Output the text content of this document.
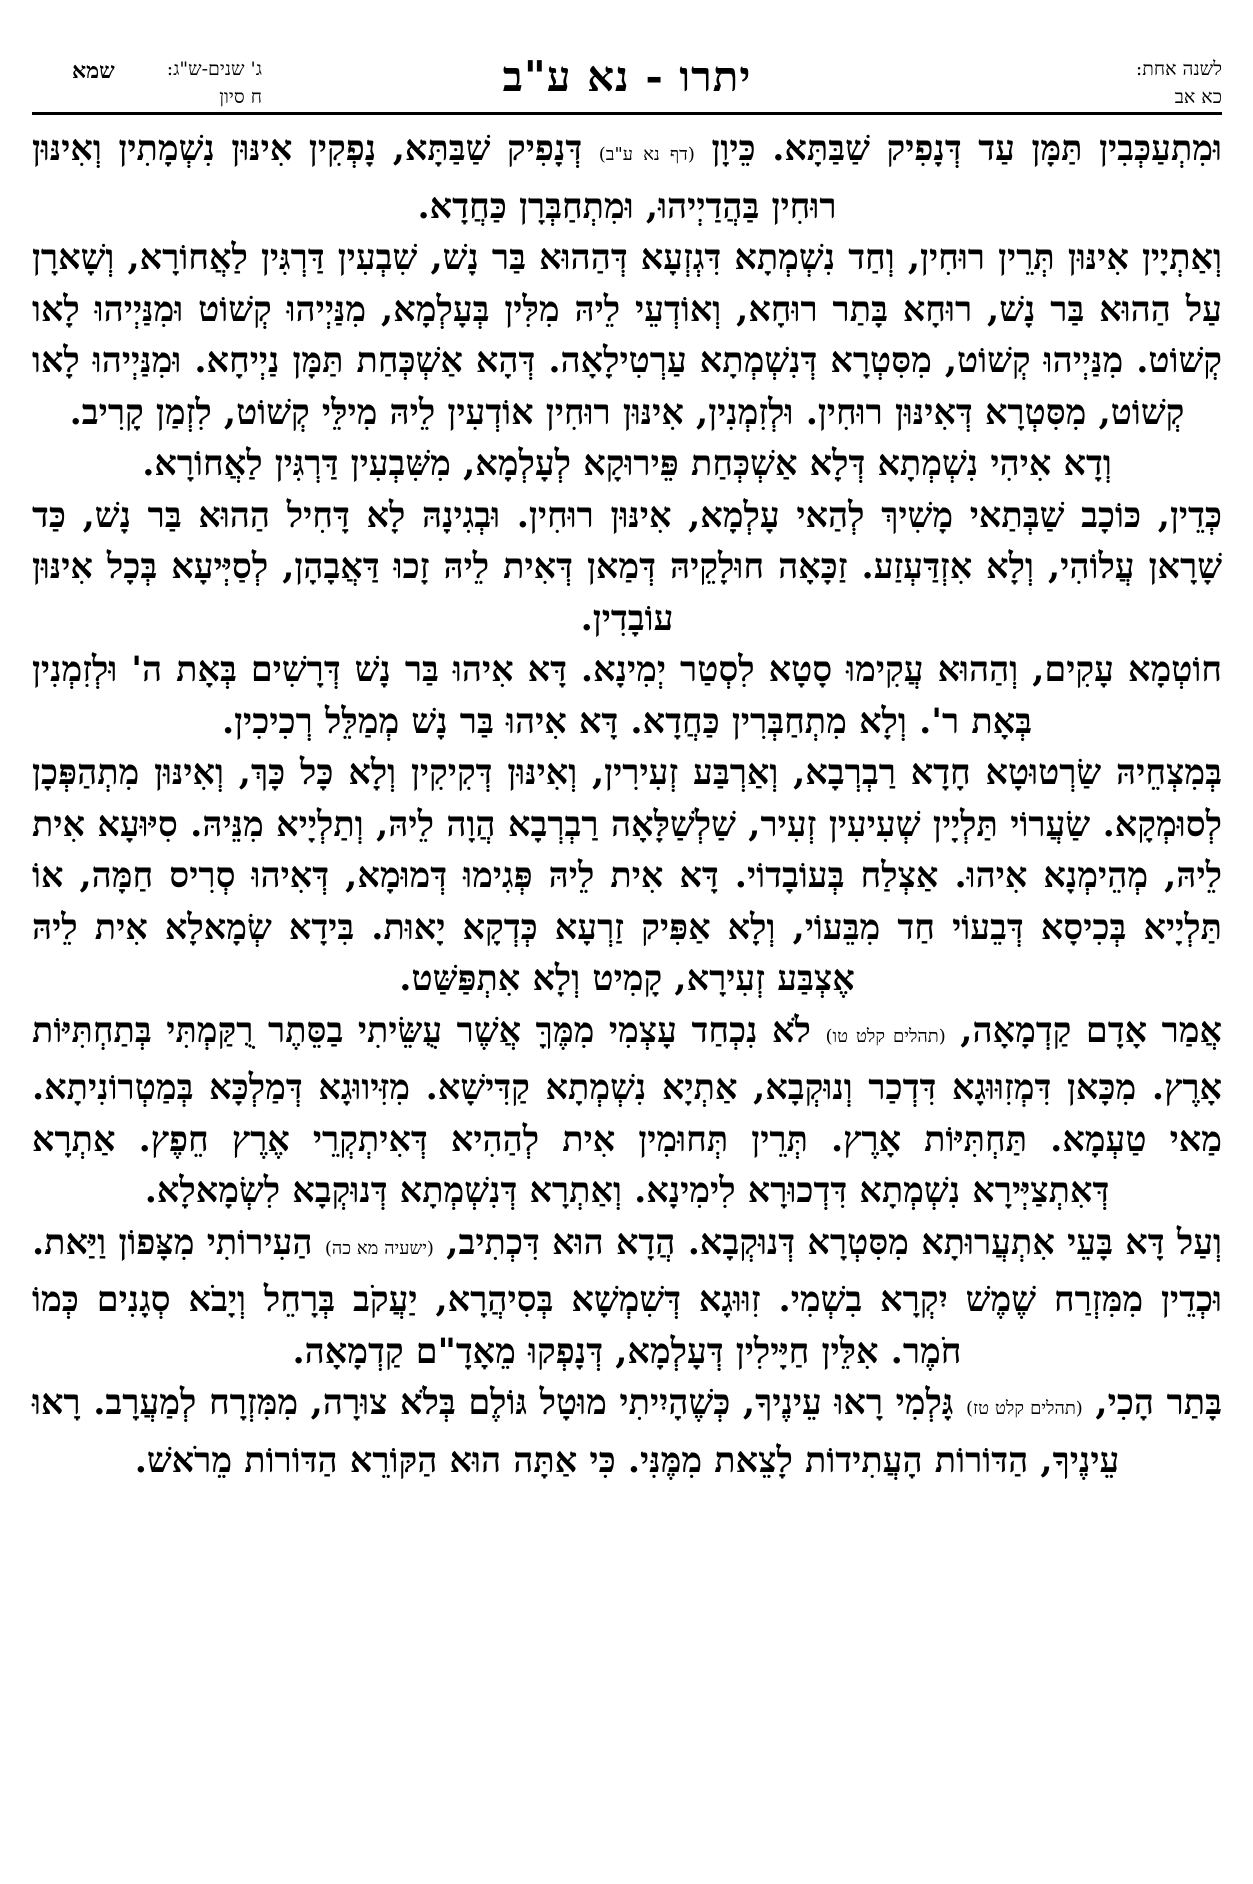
לשנה אחת:
כא אב
יתרו - נא ע"ב
ג' שנים-ש"ג:
ח סיון
שמא

וּמִתְעַכְּבִין תַּמָּן עַד דְּנָפִיק שַׁבַּתָּא. כֵּיוָן (דף נא ע"ב) דְּנָפִיק שַׁבַּתָּא, נָפְקִין אִינּוּן נִשְׁמָתִין וְאִינּוּן רוּחִין בַּהֲדַיְיהוּ, וּמִתְחַבְּרָן כַּחֲדָא.

וְאַתְיָין אִינּוּן תְּרֵין רוּחִין, וְחַד נִשְׁמְתָא דִּגְזְעָא דְּהַהוּא בַּר נָשׁ, שִׁבְעִין דַּרְגִּין לַאֲחוֹרָא, וְשָׁארָן עַל הַהוּא בַּר נָשׁ, רוּחָא בָּתַר רוּחָא, וְאוֹדְעֵי לֵיהּ מִלִּין בְּעָלְמָא, מִנַּיְיהוּ קְשׁוֹט וּמִנַּיְיהוּ לָאו קְשׁוֹט. מִנַּיְיהוּ קְשׁוֹט, מִסִּטְרָא דְּנִשְׁמְתָא עַרְטִילָאָה. דְּהָא אַשְׁכְּחַת תַּמָּן נַיְיחָא. וּמִנַּיְיהוּ לָאו קְשׁוֹט, מִסִּטְרָא דְּאִינּוּן רוּחִין. וּלְזִמְנִין, אִינּוּן רוּחִין אוֹדְעִין לֵיהּ מִילֵּי קְשׁוֹט, לִזְמַן קָרִיב.

וְדָא אִיהִי נִשְׁמְתָא דְּלָא אַשְׁכְּחַת פֵּירוּקָא לְעָלְמָא, מִשִּׁבְעִין דַּרְגִּין לַאֲחוֹרָא.

כְּדֵין, כּוֹכָב שַׁבְּתַאי מָשִׁיךְ לְהַאי עָלְמָא, אִינּוּן רוּחִין. וּבְגִינָהּ לָא דָּחִיל הַהוּא בַּר נָשׁ, כַּד שָׁרָאן עֲלוֹהִי, וְלָא אִזְדַּעְזַע. זַכָּאָה חוּלָקֵיהּ דְּמַאן דְּאִית לֵיהּ זָכוּ דַּאֲבָהָן, לְסַיְּיעָא בְּכָל אִינּוּן עוֹבָדִין.

חוֹטְמָא עָקִים, וְהַהוּא עֲקִימוּ סָטָא לִסְטַר יְמִינָא. דָּא אִיהוּ בַּר נָשׁ דְּרָשִׁים בְּאָת ה' וּלְזִמְנִין בְּאָת ר'. וְלָא מִתְחַבְּרִין כַּחֲדָא. דָּא אִיהוּ בַּר נָשׁ מְמַלֵּל רְכִיכִין.

בְּמִצְחֵיהּ שַׂרְטוּטָא חָדָא רַבְרְבָא, וְאַרְבַּע זְעִירִין, וְאִינּוּן דְּקִיקִין וְלָא כָּל כָּךְ, וְאִינּוּן מִתְהַפְּכָן לְסוּמְקָא. שַׂעֲרוֹי תַּלְיָין שְׁעִיעִין זְעִיר, שַׁלְשַׁלָּאָה רַבְרְבָא הֲוָה לֵיהּ, וְתַלְיָיא מִנֵּיהּ. סִיּוּעָא אִית לֵיהּ, מְהֵימְנָא אִיהוּ. אַצְלַח בְּעוֹבָדוֹי. דָּא אִית לֵיהּ פְּגִימוּ דְּמוּמָא, דְּאִיהוּ סְרִיס חַמָּה, אוֹ תַּלְיָיא בְּכִיסָא דְּבֵעוֹי חַד מִבֵּעוֹי, וְלָא אַפִּיק זַרְעָא כְּדְקָא יָאוּת. בִּידָא שְׂמָאלָא אִית לֵיהּ אֶצְבַּע זְעִירָא, קָמִיט וְלָא אִתְפַּשַּׁט.

אֲמַר אָדָם קַדְמָאָה, (תהלים קלט טו) לֹא נִכְחַד עָצְמִי מִמֶּךָּ אֲשֶׁר עֻשֵּׂיתִי בַסֵּתֶר רֻקַּמְתִּי בְּתַחְתִּיּוֹת אָרֶץ. מִכָּאן דִּמְזִוּוּגָא דִּדְכַר וְנוּקְבָא, אַתְיָא נִשְׁמְתָא קַדִּישָׁא. מִזִּיווּגָא דְּמַלְכָּא בְּמַטְרוֹנִיתָא. מַאי טַעְמָא. תַּחְתִּיּוֹת אָרֶץ. תְּרֵין תְּחוּמִין אִית לְהַהִיא דְּאִיתְקְרֵי אֶרֶץ חֵפֶץ. אַתְרָא דְּאִתְצַיְּירָא נִשְׁמְתָא דִּדְכוּרָא לִימִינָא. וְאַתְרָא דְּנִשְׁמְתָא דְּנוּקְבָא לִשְׂמָאלָא.

וְעַל דָּא בָּעֵי אִתְעֲרוּתָא מִסִּטְרָא דְּנוּקְבָא. הֲדָא הוּא דִּכְתִיב, (ישעיה מא כה) הַעִירוֹתִי מִצָּפוֹן וַיַּאת. וּכְדֵין מִמִּזְרַח שֶׁמֶשׁ יִקְרָא בִשְׁמִי. זִוּוּגָא דְּשִׁמְשָׁא בְּסִיהֲרָא, יַעֲקֹב בְּרָחֵל וְיָבֹא סְגָנִים כְּמוֹ חֹמֶר. אִלֵּין חַיָּילִין דְּעָלְמָא, דְּנָפְקוּ מֵאָדָ"ם קַדְמָאָה.

בָּתַר הָכִי, (תהלים קלט טז) גָּלְמִי רָאוּ עֵינֶיךָ, כְּשֶׁהָיִיתִי מוּטָל גּוֹלֶם בְּלֹא צוּרָה, מִמִּזְרָח לְמַעֲרָב. רָאוּ עֵינֶיךָ, הַדּוֹרוֹת הָעֲתִידוֹת לָצֵאת מִמֶּנִּי. כִּי אַתָּה הוּא הַקּוֹרֵא הַדּוֹרוֹת מֵרֹאשׁ.
